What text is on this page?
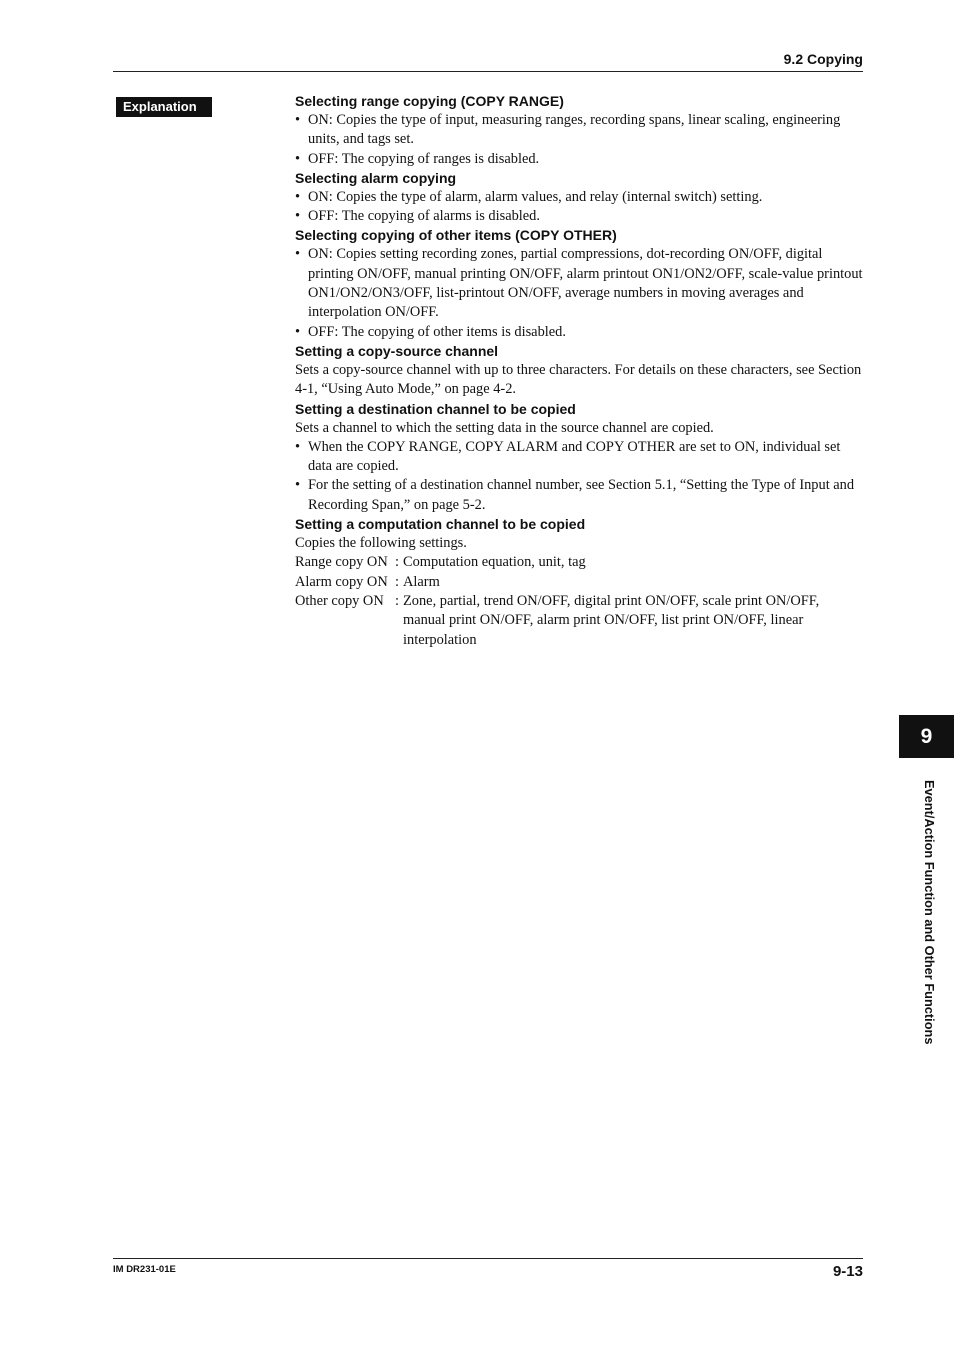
9.2 Copying
Explanation	Selecting range copying (COPY RANGE)

• ON: Copies the type of input, measuring ranges, recording spans, linear scaling, engineering units, and tags set.

• OFF: The copying of ranges is disabled.

Selecting alarm copying

• ON: Copies the type of alarm, alarm values, and relay (internal switch) setting.

• OFF: The copying of alarms is disabled.

Selecting copying of other items (COPY OTHER)

• ON: Copies setting recording zones, partial compressions, dot-recording ON/OFF, digital printing ON/OFF, manual printing ON/OFF, alarm printout ON1/ON2/OFF, scale-value printout ON1/ON2/ON3/OFF, list-printout ON/OFF, average numbers in moving averages and interpolation ON/OFF.

• OFF: The copying of other items is disabled.

Setting a copy-source channel

Sets a copy-source channel with up to three characters. For details on these characters, see Section 4-1, “Using Auto Mode,” on page 4-2.

Setting a destination channel to be copied

Sets a channel to which the setting data in the source channel are copied.

• When the COPY RANGE, COPY ALARM and COPY OTHER are set to ON, individual set data are copied.

• For the setting of a destination channel number, see Section 5.1, “Setting the Type of Input and Recording Span,” on page 5-2.

Setting a computation channel to be copied

Copies the following settings.

Range copy ON : Computation equation, unit, tag
Alarm copy ON : Alarm
Other copy ON : Zone, partial, trend ON/OFF, digital print ON/OFF, scale print ON/OFF, manual print ON/OFF, alarm print ON/OFF, list print ON/OFF, linear interpolation
9
Event/Action Function and Other Functions
IM DR231-01E	9-13
